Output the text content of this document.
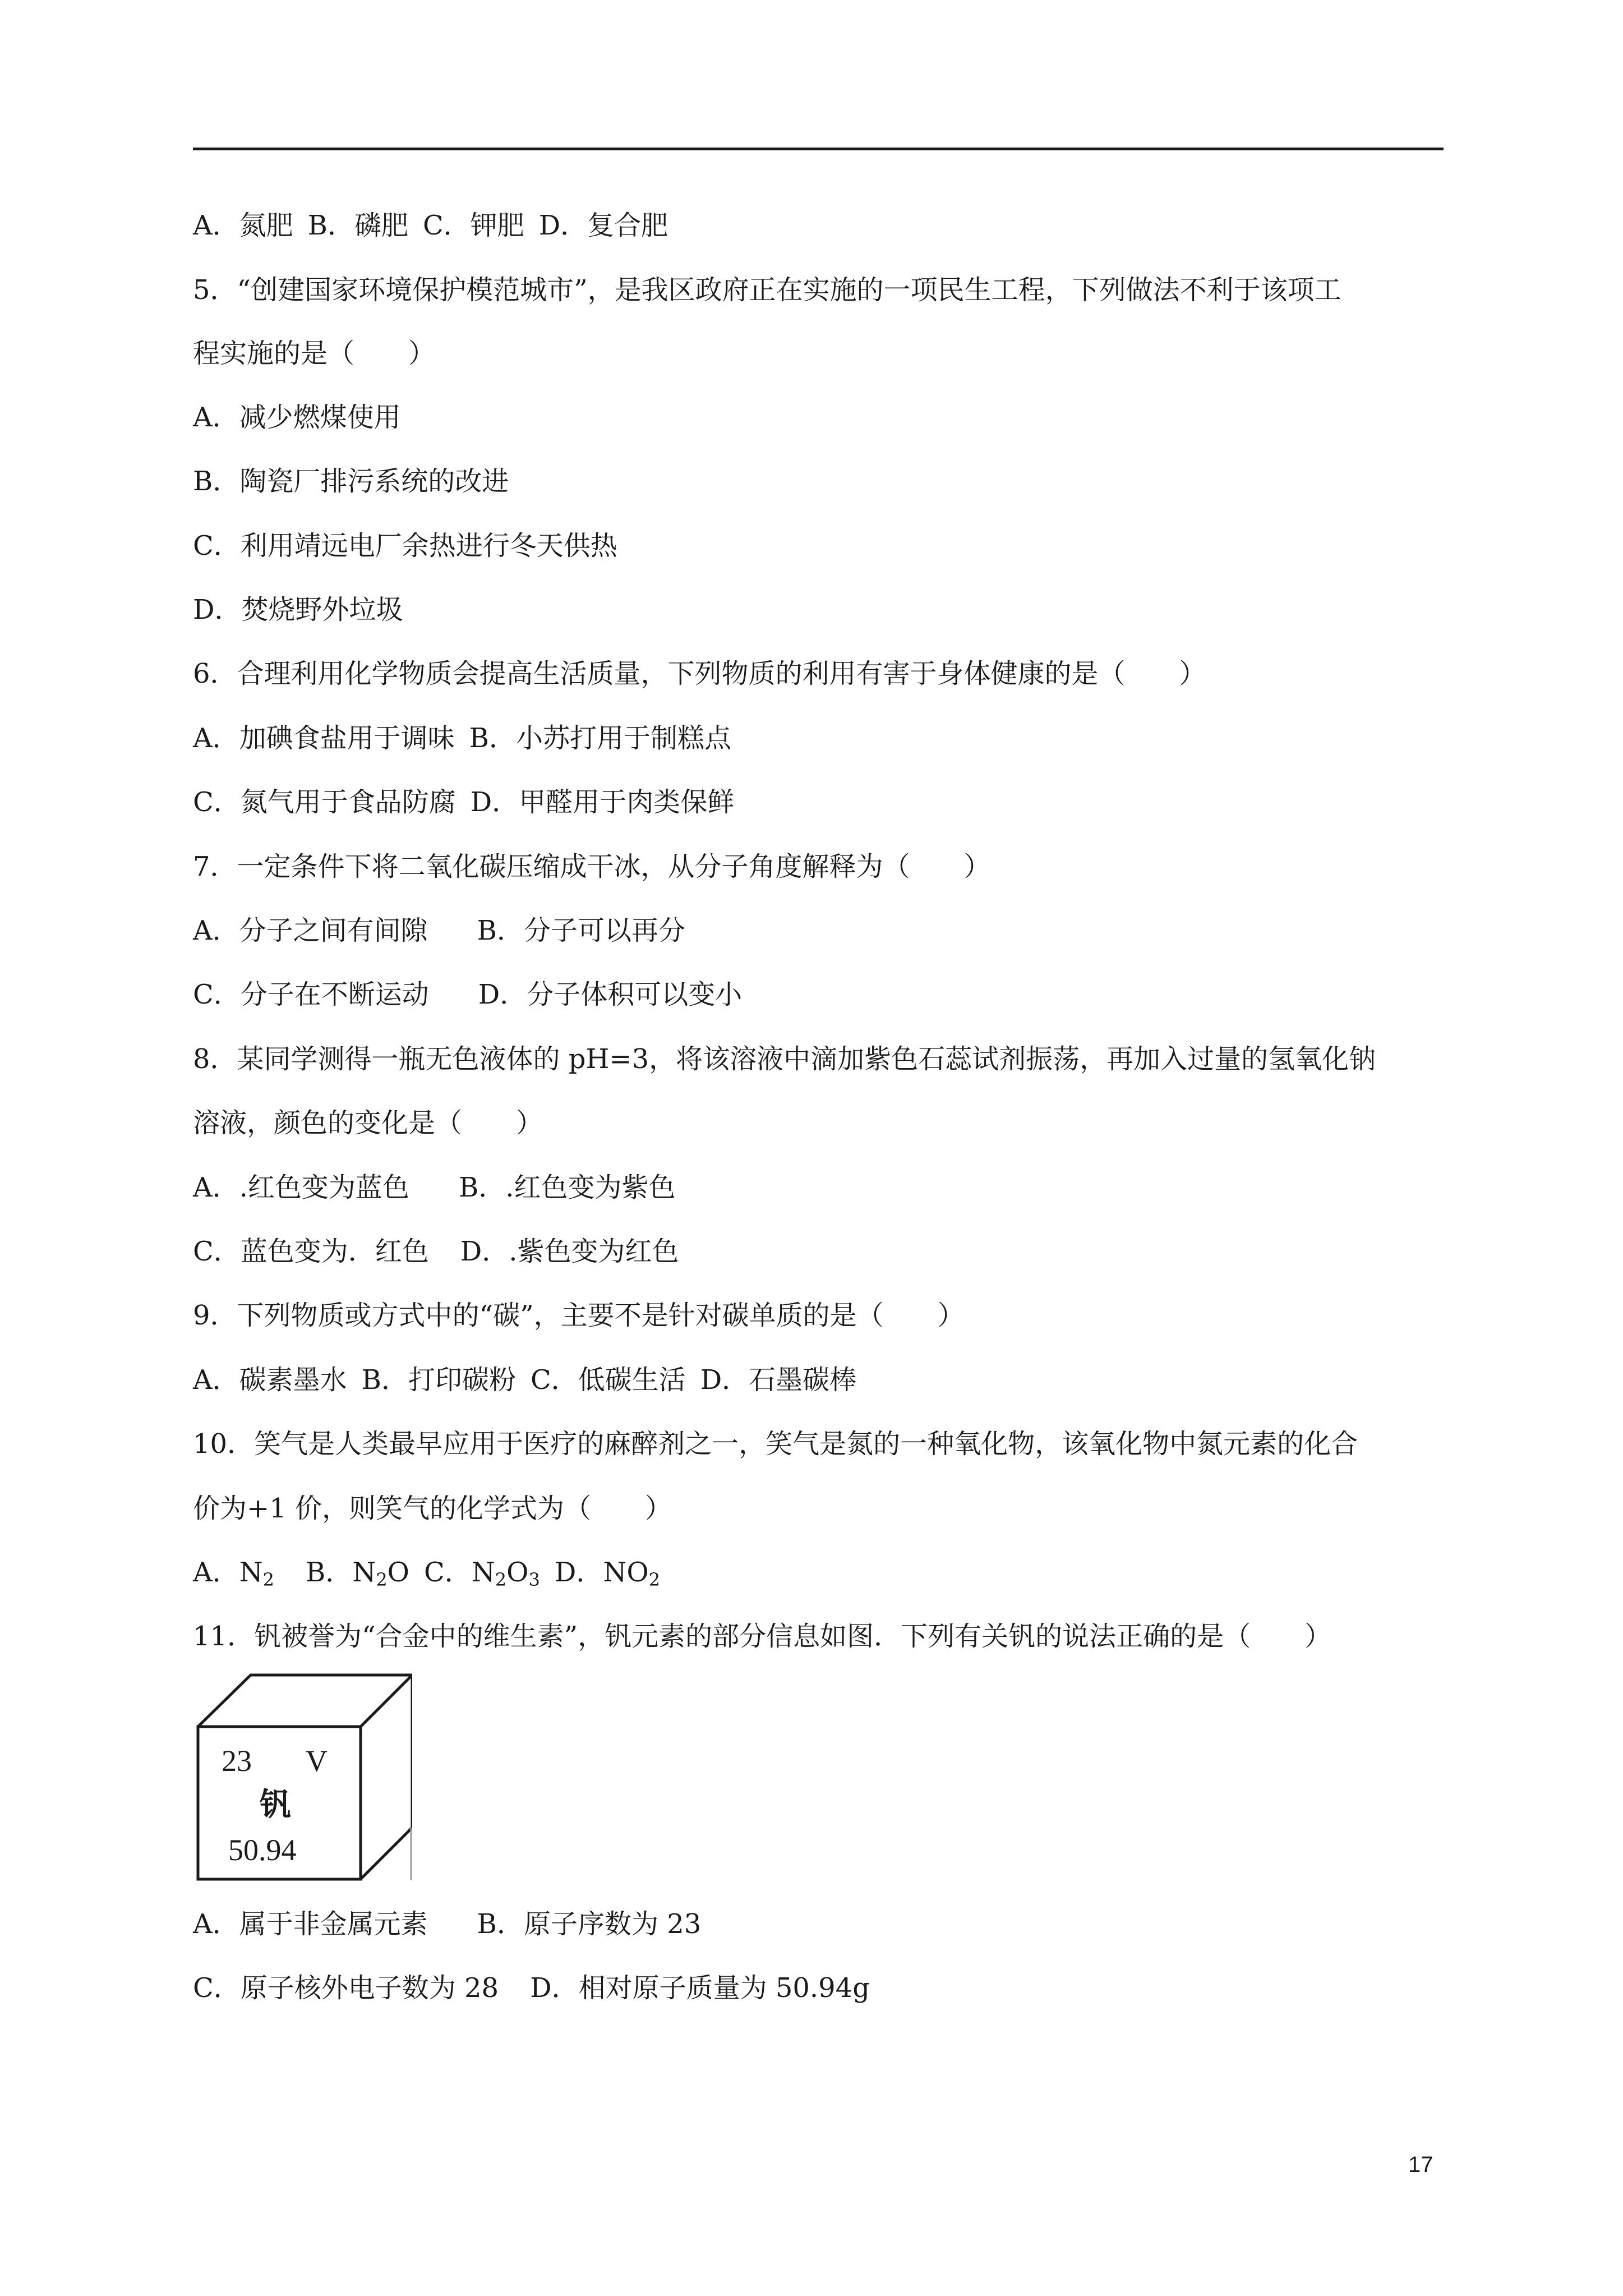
A．氮肥 B．磷肥 C．钾肥 D．复合肥

5．“创建国家环境保护模范城市”，是我区政府正在实施的一项民生工程，下列做法不利于该项工

程实施的是（　　）

A．减少燃煤使用

B．陶瓷厂排污系统的改进

C．利用靖远电厂余热进行冬天供热

D．焚烧野外垃圾

6．合理利用化学物质会提高生活质量，下列物质的利用有害于身体健康的是（　　）

A．加碘食盐用于调味 B．小苏打用于制糕点

C．氮气用于食品防腐 D．甲醛用于肉类保鲜

7．一定条件下将二氧化碳压缩成干冰，从分子角度解释为（　　）

A．分子之间有间隙 B．分子可以再分

C．分子在不断运动 D．分子体积可以变小

8．某同学测得一瓶无色液体的 pH=3，将该溶液中滴加紫色石蕊试剂振荡，再加入过量的氢氧化钠

溶液，颜色的变化是（　　）

A．.红色变为蓝色 B．.红色变为紫色

C．蓝色变为．红色 D．.紫色变为红色

9．下列物质或方式中的“碳”，主要不是针对碳单质的是（　　）

A．碳素墨水 B．打印碳粉 C．低碳生活 D．石墨碳棒

10．笑气是人类最早应用于医疗的麻醉剂之一，笑气是氮的一种氧化物，该氧化物中氮元素的化合

价为+1 价，则笑气的化学式为（　　）

A．$N_2$ B．$N_2O$ C．$N_2O_3$ D．$NO_2$

11．钒被誉为“合金中的维生素”，钒元素的部分信息如图．下列有关钒的说法正确的是（　　）

23 V
钒
50.94

A．属于非金属元素 B．原子序数为 23

C．原子核外电子数为 28 D．相对原子质量为 50.94g

17
